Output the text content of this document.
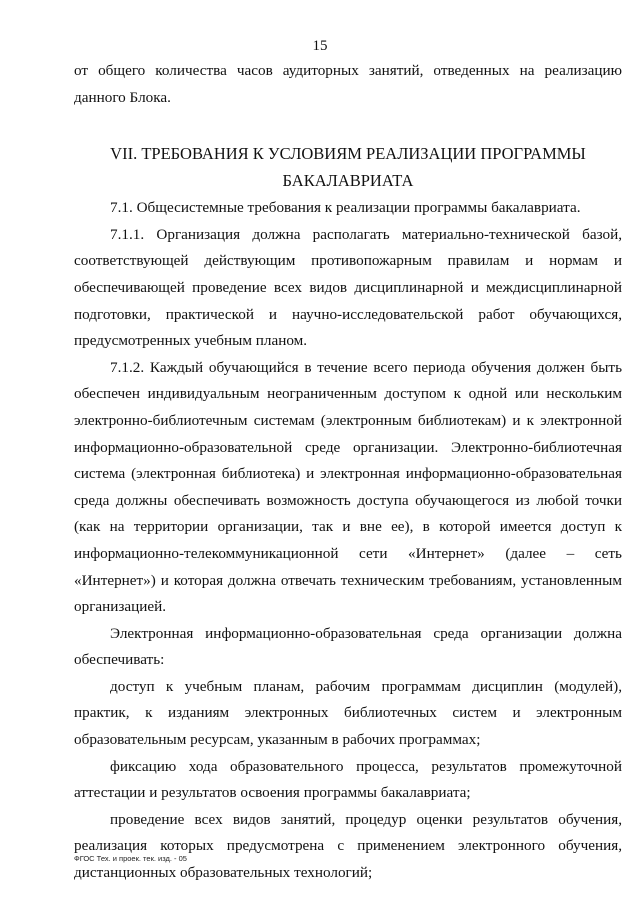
15

от общего количества часов аудиторных занятий, отведенных на реализацию данного Блока.

VII. ТРЕБОВАНИЯ К УСЛОВИЯМ РЕАЛИЗАЦИИ ПРОГРАММЫ БАКАЛАВРИАТА

7.1. Общесистемные требования к реализации программы бакалавриата.

7.1.1. Организация должна располагать материально-технической базой, соответствующей действующим противопожарным правилам и нормам и обеспечивающей проведение всех видов дисциплинарной и междисциплинарной подготовки, практической и научно-исследовательской работ обучающихся, предусмотренных учебным планом.

7.1.2. Каждый обучающийся в течение всего периода обучения должен быть обеспечен индивидуальным неограниченным доступом к одной или нескольким электронно-библиотечным системам (электронным библиотекам) и к электронной информационно-образовательной среде организации. Электронно-библиотечная система (электронная библиотека) и электронная информационно-образовательная среда должны обеспечивать возможность доступа обучающегося из любой точки (как на территории организации, так и вне ее), в которой имеется доступ к информационно-телекоммуникационной сети «Интернет» (далее – сеть «Интернет») и которая должна отвечать техническим требованиям, установленным организацией.

Электронная информационно-образовательная среда организации должна обеспечивать:

доступ к учебным планам, рабочим программам дисциплин (модулей), практик, к изданиям электронных библиотечных систем и электронным образовательным ресурсам, указанным в рабочих программах;

фиксацию хода образовательного процесса, результатов промежуточной аттестации и результатов освоения программы бакалавриата;

проведение всех видов занятий, процедур оценки результатов обучения, реализация которых предусмотрена с применением электронного обучения, дистанционных образовательных технологий;

ФГОС Тех. и проек. тек. изд. - 05
